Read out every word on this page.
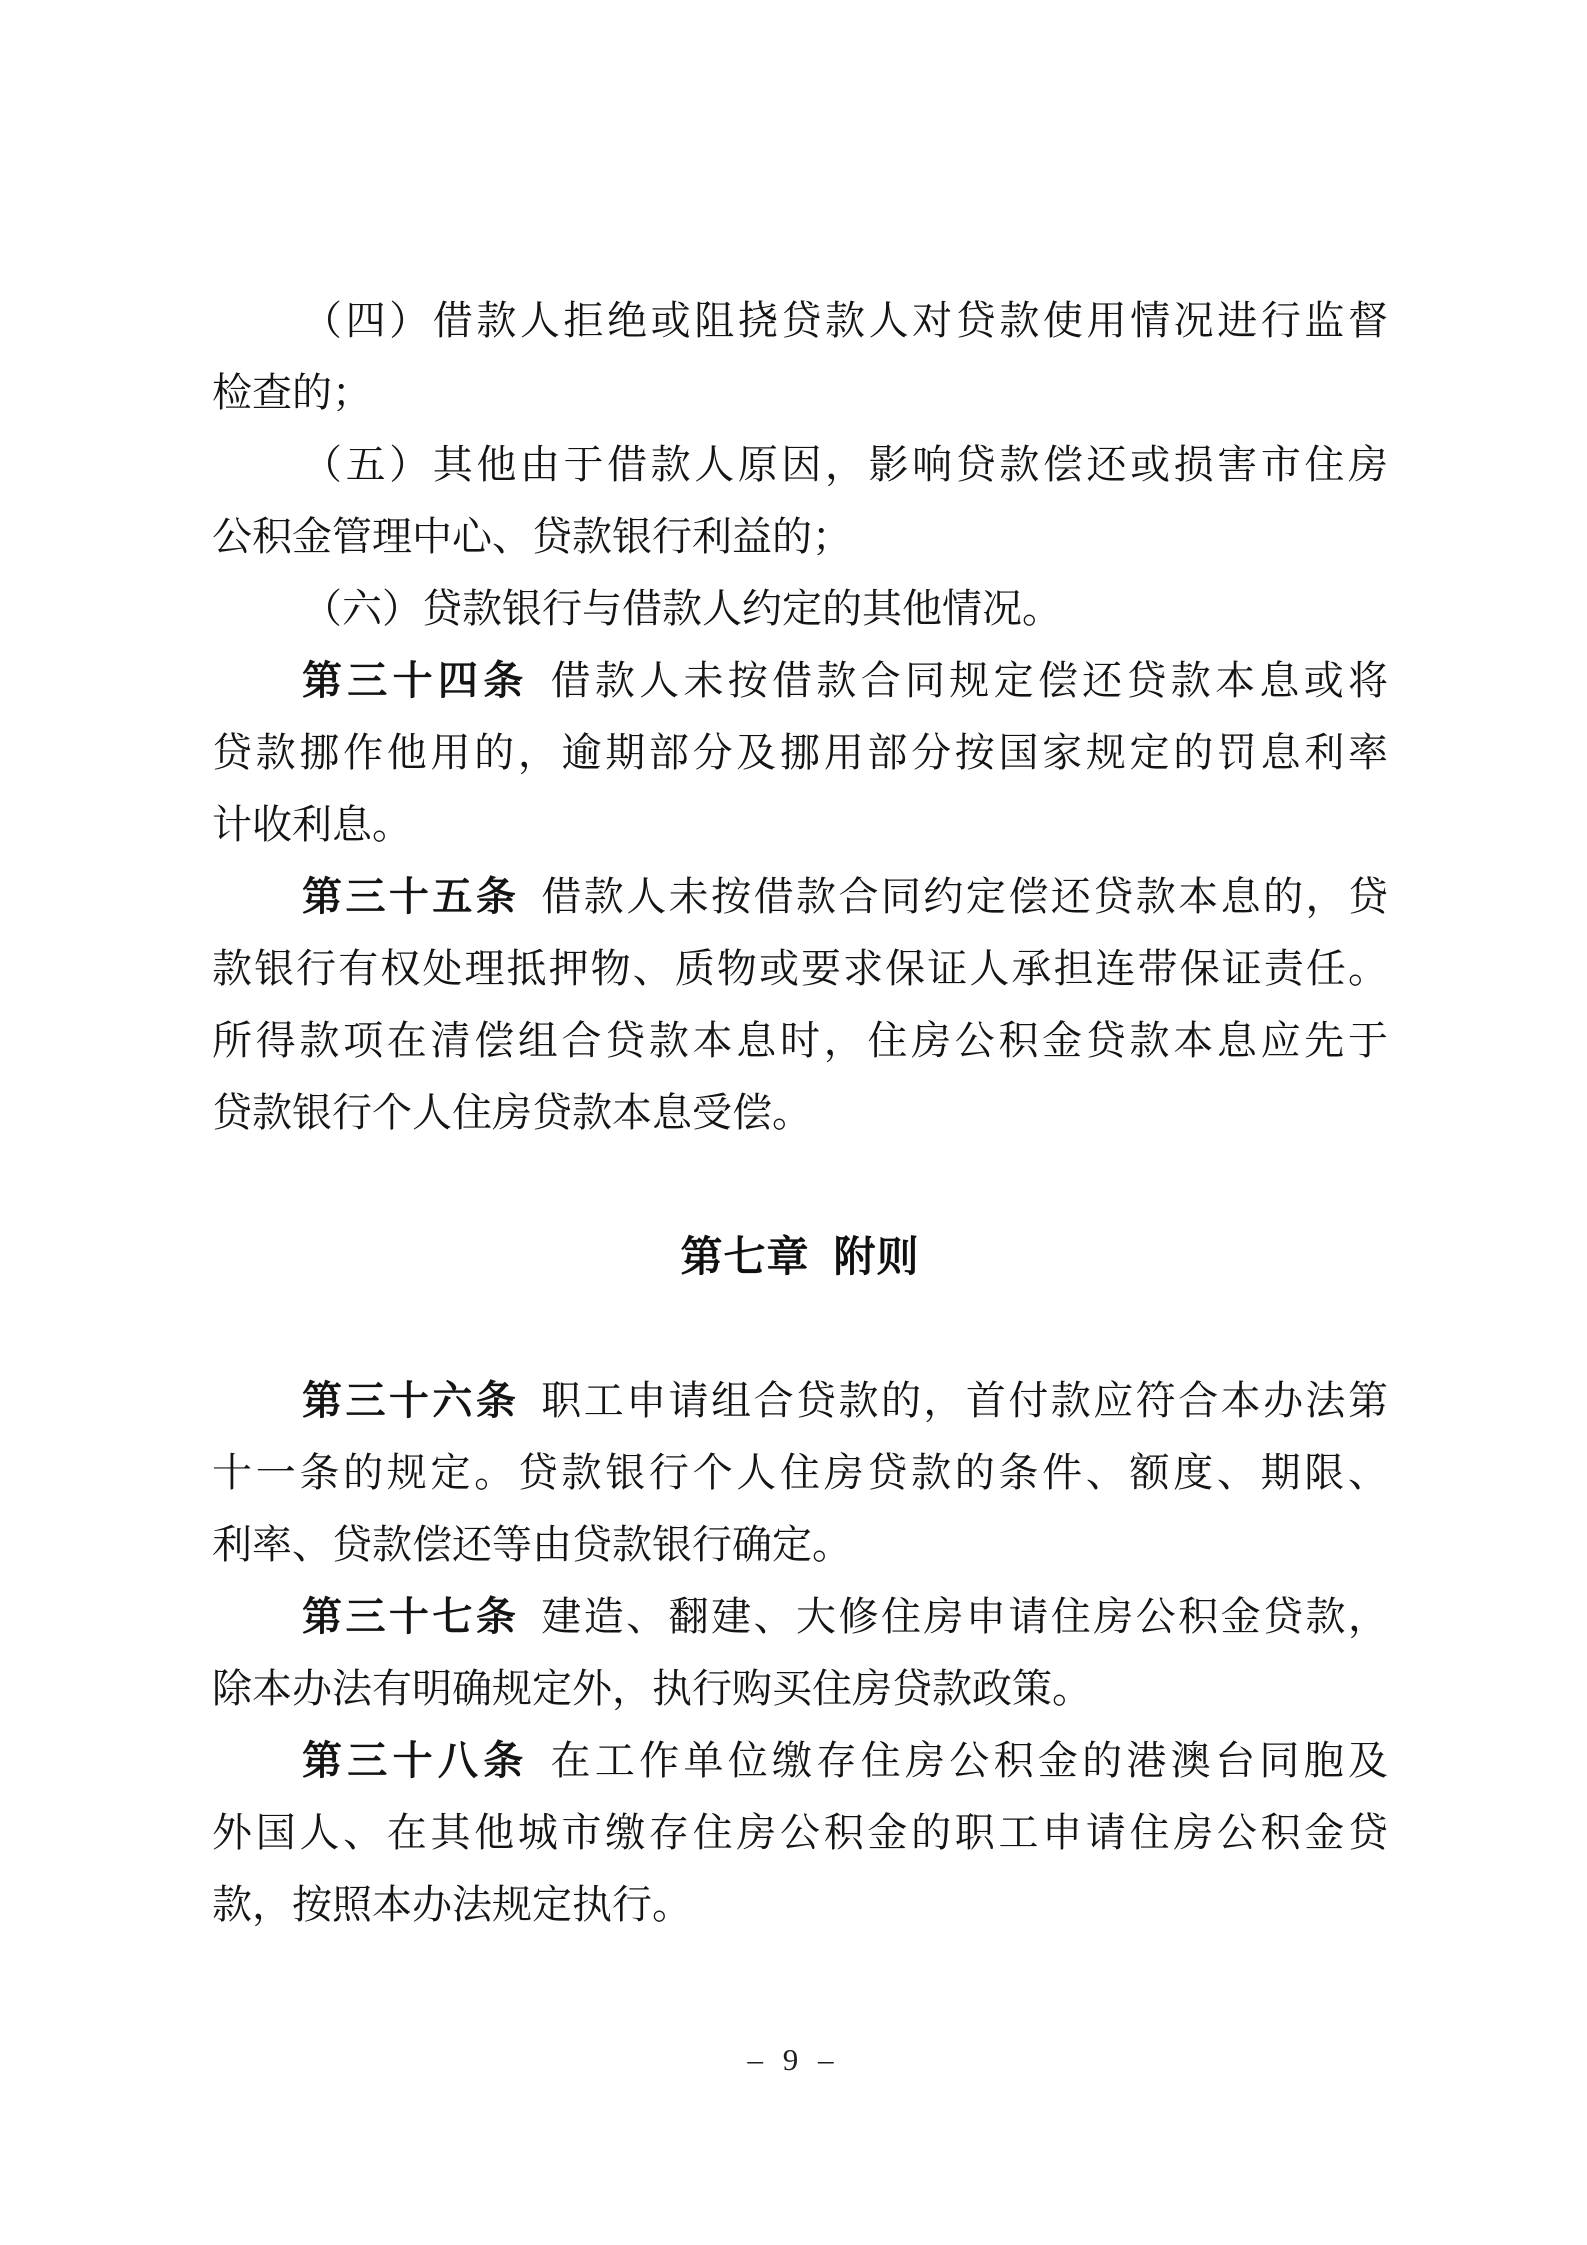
（四）借款人拒绝或阻挠贷款人对贷款使用情况进行监督
检查的；
（五）其他由于借款人原因，影响贷款偿还或损害市住房
公积金管理中心、贷款银行利益的；
（六）贷款银行与借款人约定的其他情况。
第三十四条 借款人未按借款合同规定偿还贷款本息或将
贷款挪作他用的，逾期部分及挪用部分按国家规定的罚息利率
计收利息。
第三十五条 借款人未按借款合同约定偿还贷款本息的，贷
款银行有权处理抵押物、质物或要求保证人承担连带保证责任。
所得款项在清偿组合贷款本息时，住房公积金贷款本息应先于
贷款银行个人住房贷款本息受偿。
第七章 附则
第三十六条 职工申请组合贷款的，首付款应符合本办法第
十一条的规定。贷款银行个人住房贷款的条件、额度、期限、
利率、贷款偿还等由贷款银行确定。
第三十七条 建造、翻建、大修住房申请住房公积金贷款，
除本办法有明确规定外，执行购买住房贷款政策。
第三十八条 在工作单位缴存住房公积金的港澳台同胞及
外国人、在其他城市缴存住房公积金的职工申请住房公积金贷
款，按照本办法规定执行。
– 9 –
